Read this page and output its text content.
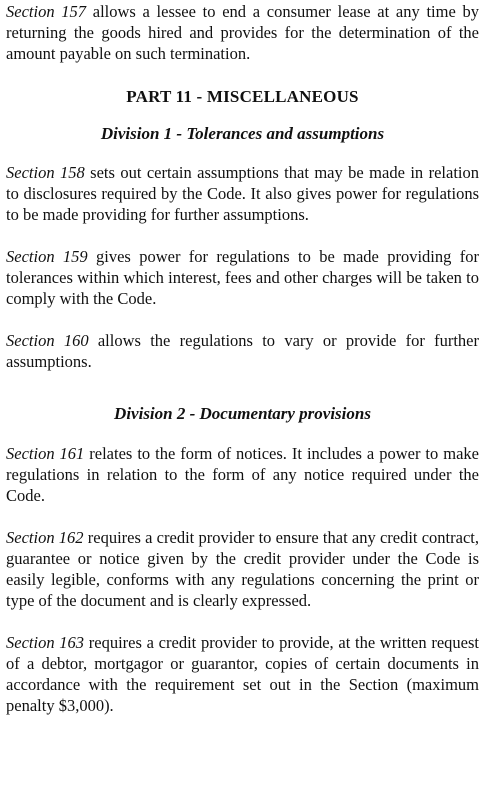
Section 157 allows a lessee to end a consumer lease at any time by returning the goods hired and provides for the determination of the amount payable on such termination.

PART 11 - MISCELLANEOUS
Division 1 - Tolerances and assumptions

Section 158 sets out certain assumptions that may be made in relation to disclosures required by the Code. It also gives power for regulations to be made providing for further assumptions.

Section 159 gives power for regulations to be made providing for tolerances within which interest, fees and other charges will be taken to comply with the Code.

Section 160 allows the regulations to vary or provide for further assumptions.

Division 2 - Documentary provisions

Section 161 relates to the form of notices. It includes a power to make regulations in relation to the form of any notice required under the Code.

Section 162 requires a credit provider to ensure that any credit contract, guarantee or notice given by the credit provider under the Code is easily legible, conforms with any regulations concerning the print or type of the document and is clearly expressed.

Section 163 requires a credit provider to provide, at the written request of a debtor, mortgagor or guarantor, copies of certain documents in accordance with the requirement set out in the Section (maximum penalty $3,000).
